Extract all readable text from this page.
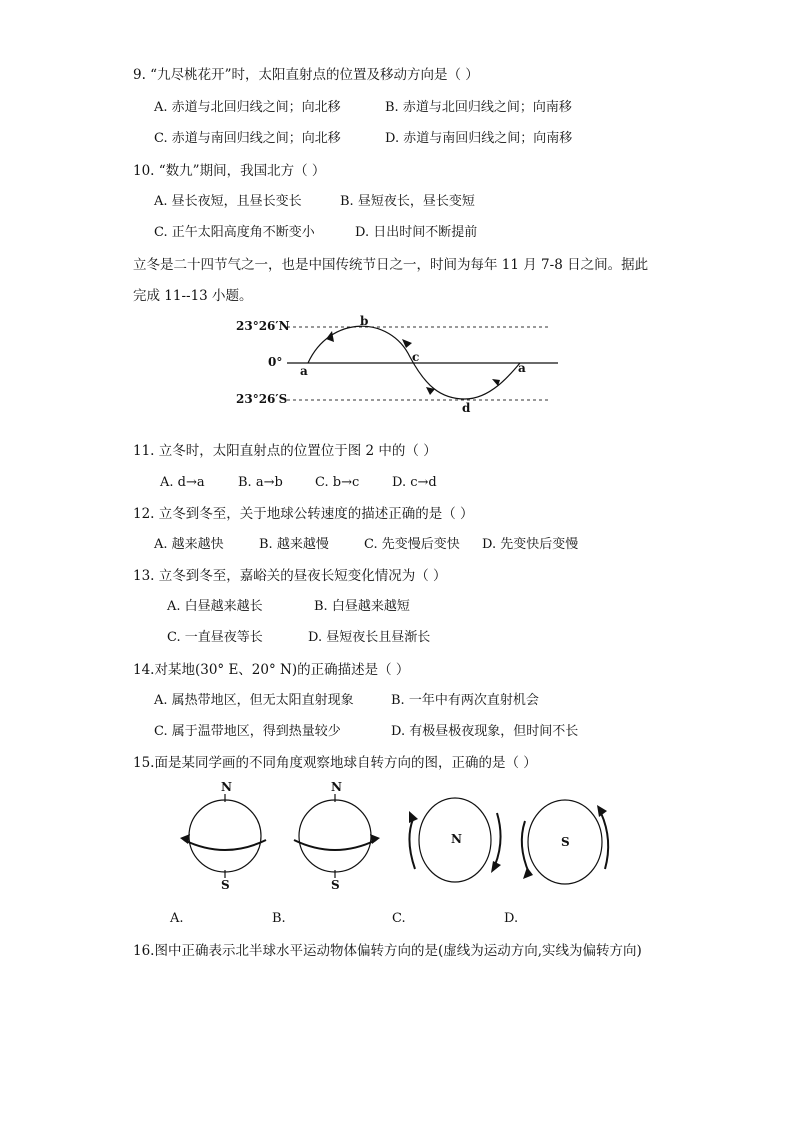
9. “九尽桃花开”时，太阳直射点的位置及移动方向是（ ）
A. 赤道与北回归线之间；向北移	B. 赤道与北回归线之间；向南移
C. 赤道与南回归线之间；向北移	D. 赤道与南回归线之间；向南移
10. “数九”期间，我国北方（ ）
A. 昼长夜短，且昼长变长	B. 昼短夜长，昼长变短
C. 正午太阳高度角不断变小	D. 日出时间不断提前
立冬是二十四节气之一，也是中国传统节日之一，时间为每年 11 月 7-8 日之间。据此
完成 11--13 小题。
23°26′N
0°
23°26′S
a
b
c
d
a
11. 立冬时，太阳直射点的位置位于图 2 中的（ ）
A. d→a	B. a→b C. b→c	D. c→d
12. 立冬到冬至，关于地球公转速度的描述正确的是（ ）
A. 越来越快	B. 越来越慢	C. 先变慢后变快 D. 先变快后变慢
13. 立冬到冬至，嘉峪关的昼夜长短变化情况为（ ）
A. 白昼越来越长	B. 白昼越来越短
C. 一直昼夜等长	D. 昼短夜长且昼渐长
14.对某地(30° E、20° N)的正确描述是（ ）
A. 属热带地区，但无太阳直射现象	B. 一年中有两次直射机会
C. 属于温带地区，得到热量较少	D. 有极昼极夜现象，但时间不长
15.面是某同学画的不同角度观察地球自转方向的图，正确的是（ ）
N
S
N
S
N	S
A.	B.	C.	D.
16.图中正确表示北半球水平运动物体偏转方向的是(虚线为运动方向,实线为偏转方向)
